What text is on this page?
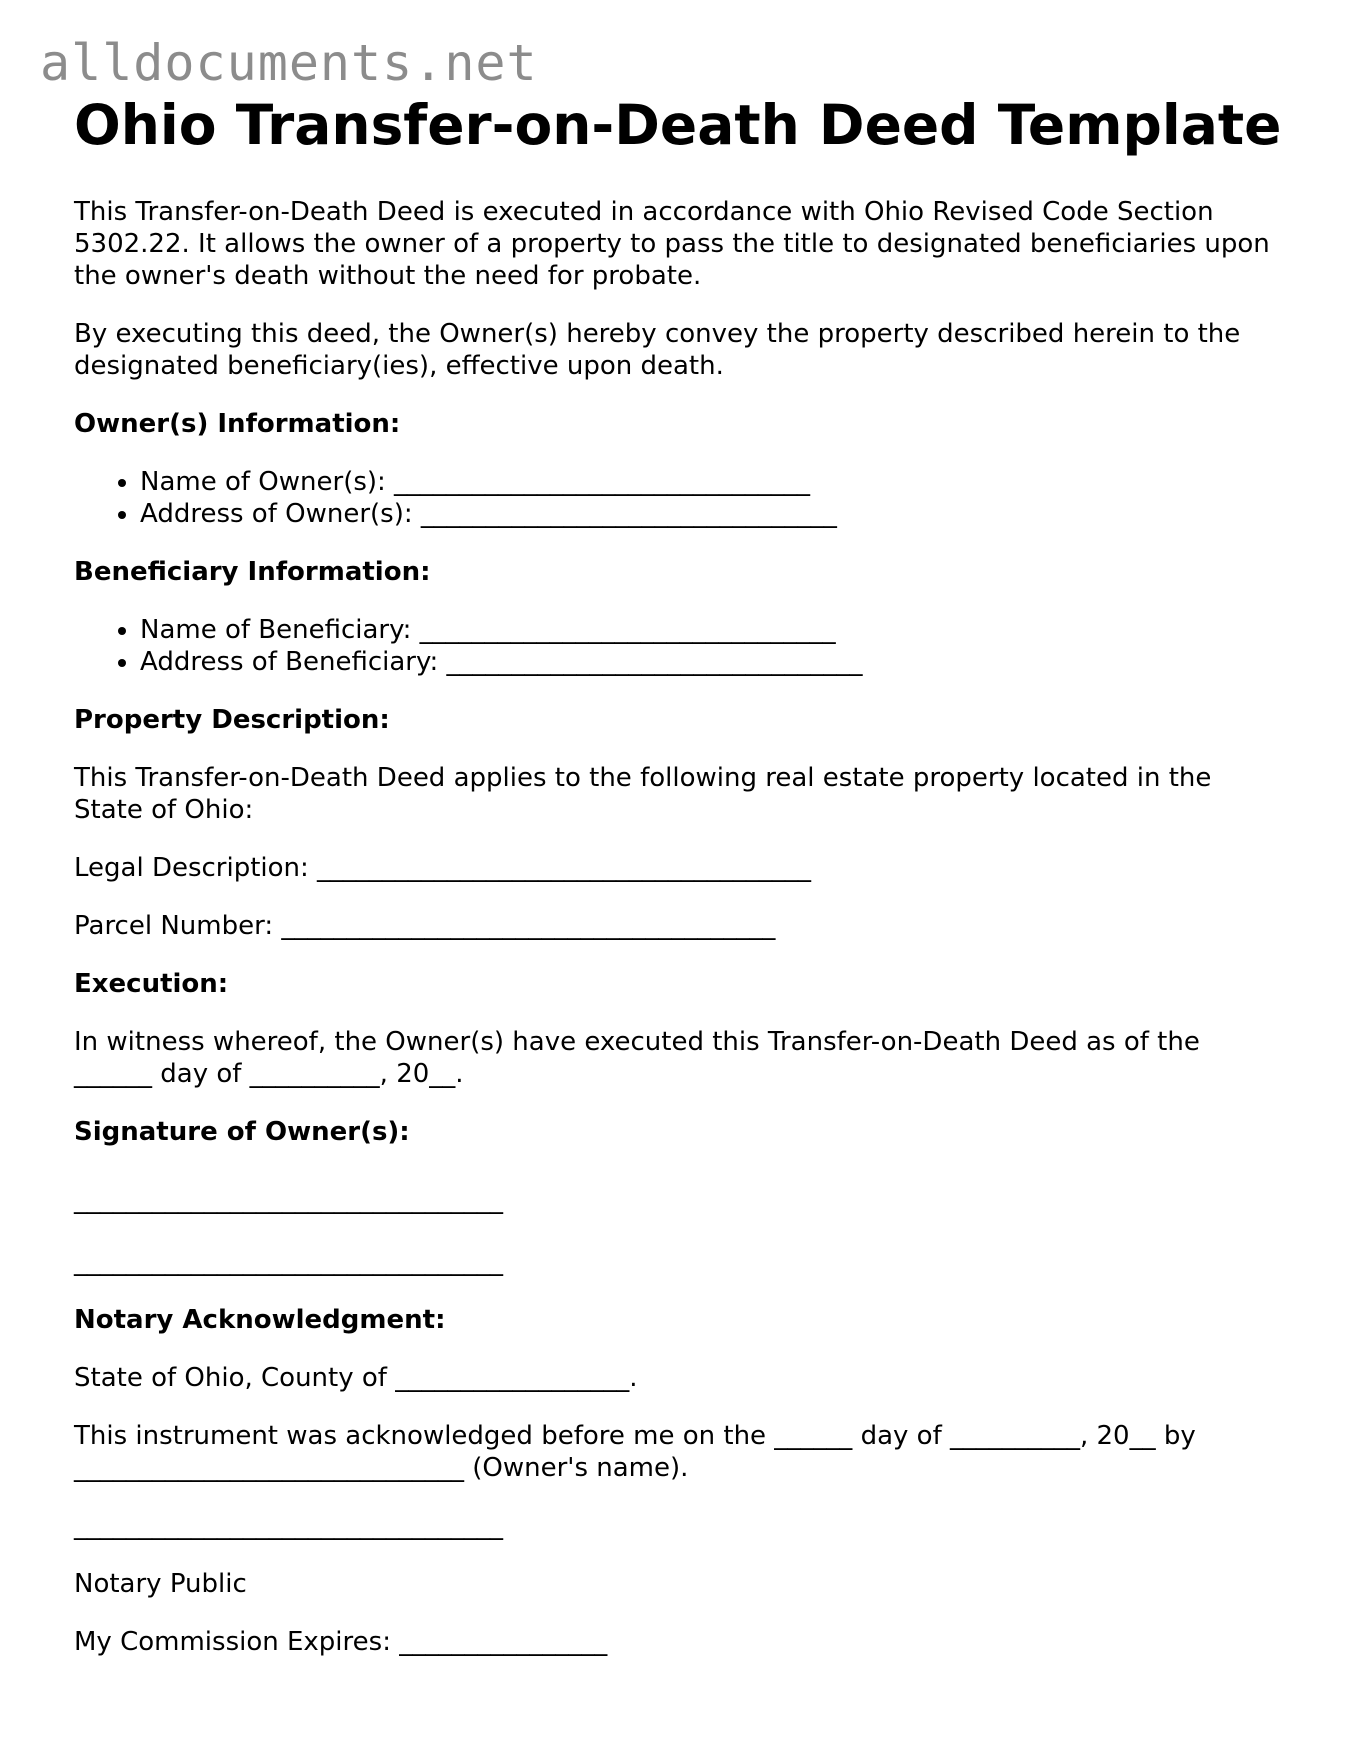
alldocuments.net
Ohio Transfer-on-Death Deed Template

This Transfer-on-Death Deed is executed in accordance with Ohio Revised Code Section 5302.22. It allows the owner of a property to pass the title to designated beneficiaries upon the owner's death without the need for probate.

By executing this deed, the Owner(s) hereby convey the property described herein to the designated beneficiary(ies), effective upon death.

Owner(s) Information:
• Name of Owner(s): ________________________________
• Address of Owner(s): ________________________________
Beneficiary Information:
• Name of Beneficiary: ________________________________
• Address of Beneficiary: ________________________________
Property Description:

This Transfer-on-Death Deed applies to the following real estate property located in the State of Ohio:

Legal Description: ______________________________________

Parcel Number: ______________________________________

Execution:

In witness whereof, the Owner(s) have executed this Transfer-on-Death Deed as of the ______ day of __________, 20__.

Signature of Owner(s):

_________________________________

_________________________________

Notary Acknowledgment:

State of Ohio, County of __________________.

This instrument was acknowledged before me on the ______ day of __________, 20__ by ______________________________ (Owner's name).

_________________________________

Notary Public

My Commission Expires: ________________
